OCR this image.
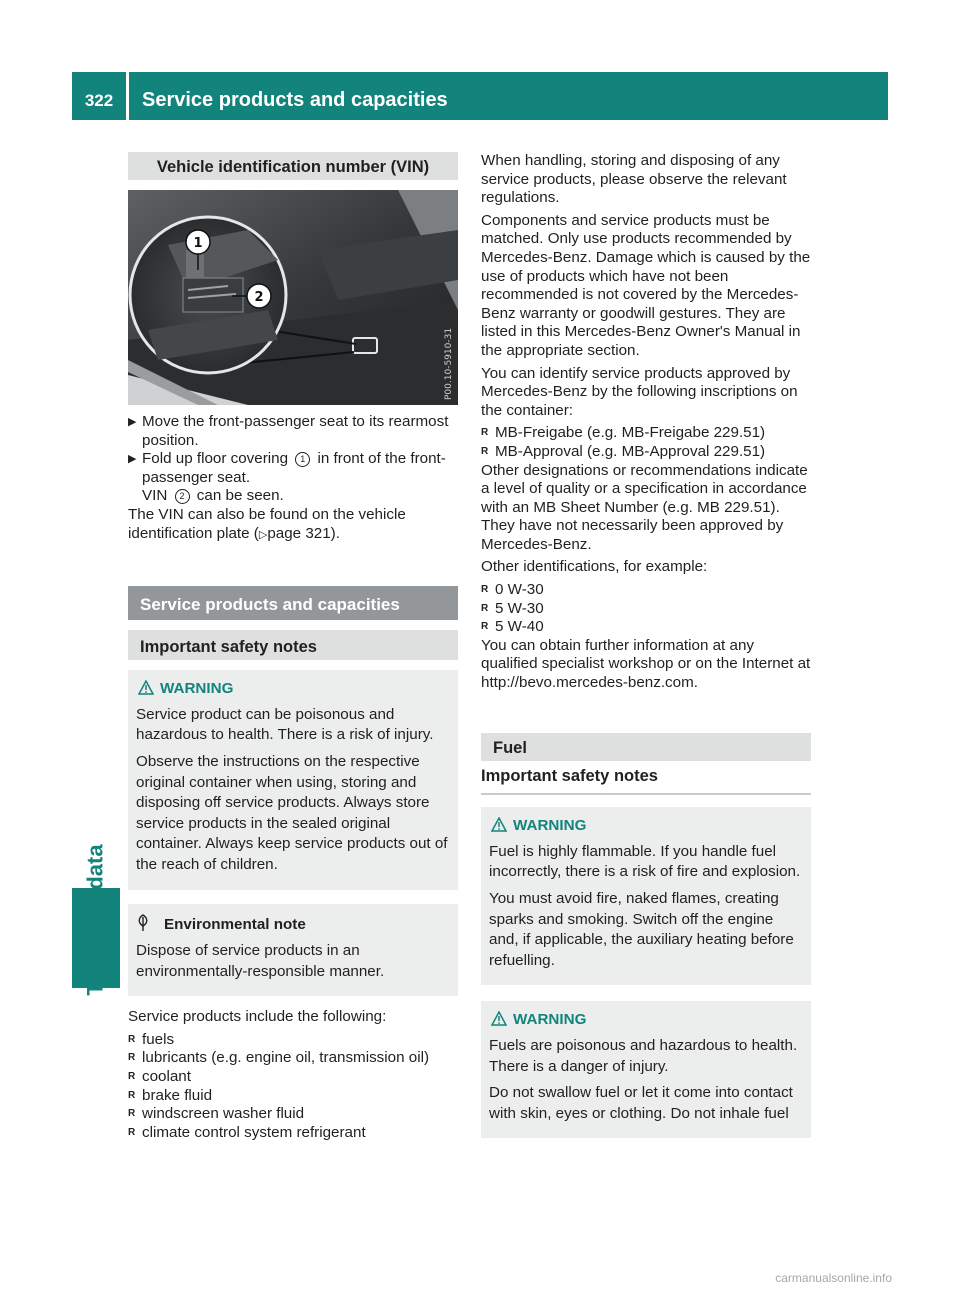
322	Service products and capacities
Vehicle identification number (VIN)
1
2
P00.10-5910-31
▶ Move the front-passenger seat to its rearmost position.
▶ Fold up floor covering 1 in front of the front-passenger seat.
VIN 2 can be seen.

The VIN can also be found on the vehicle identification plate (▷page 321).

Service products and capacities
Important safety notes
WARNING

Service product can be poisonous and hazardous to health. There is a risk of injury.

Observe the instructions on the respective original container when using, storing and disposing off service products. Always store service products in the sealed original container. Always keep service products out of the reach of children.

Environmental note

Dispose of service products in an environmentally-responsible manner.

Service products include the following:

R fuels
R lubricants (e.g. engine oil, transmission oil)
R coolant
R brake fluid
R windscreen washer fluid
R climate control system refrigerant

When handling, storing and disposing of any service products, please observe the relevant regulations.

Components and service products must be matched. Only use products recommended by Mercedes-Benz. Damage which is caused by the use of products which have not been recommended is not covered by the Mercedes-Benz warranty or goodwill gestures. They are listed in this Mercedes-Benz Owner's Manual in the appropriate section.

You can identify service products approved by Mercedes-Benz by the following inscriptions on the container:

R MB-Freigabe (e.g. MB-Freigabe 229.51)
R MB-Approval (e.g. MB-Approval 229.51)

Other designations or recommendations indicate a level of quality or a specification in accordance with an MB Sheet Number (e.g. MB 229.51). They have not necessarily been approved by Mercedes-Benz.

Other identifications, for example:

R 0 W-30
R 5 W-30
R 5 W-40

You can obtain further information at any qualified specialist workshop or on the Internet at http://bevo.mercedes-benz.com.

Fuel
Important safety notes
WARNING

Fuel is highly flammable. If you handle fuel incorrectly, there is a risk of fire and explosion.

You must avoid fire, naked flames, creating sparks and smoking. Switch off the engine and, if applicable, the auxiliary heating before refuelling.

WARNING

Fuels are poisonous and hazardous to health. There is a danger of injury.

Do not swallow fuel or let it come into contact with skin, eyes or clothing. Do not inhale fuel

carmanualsonline.info
